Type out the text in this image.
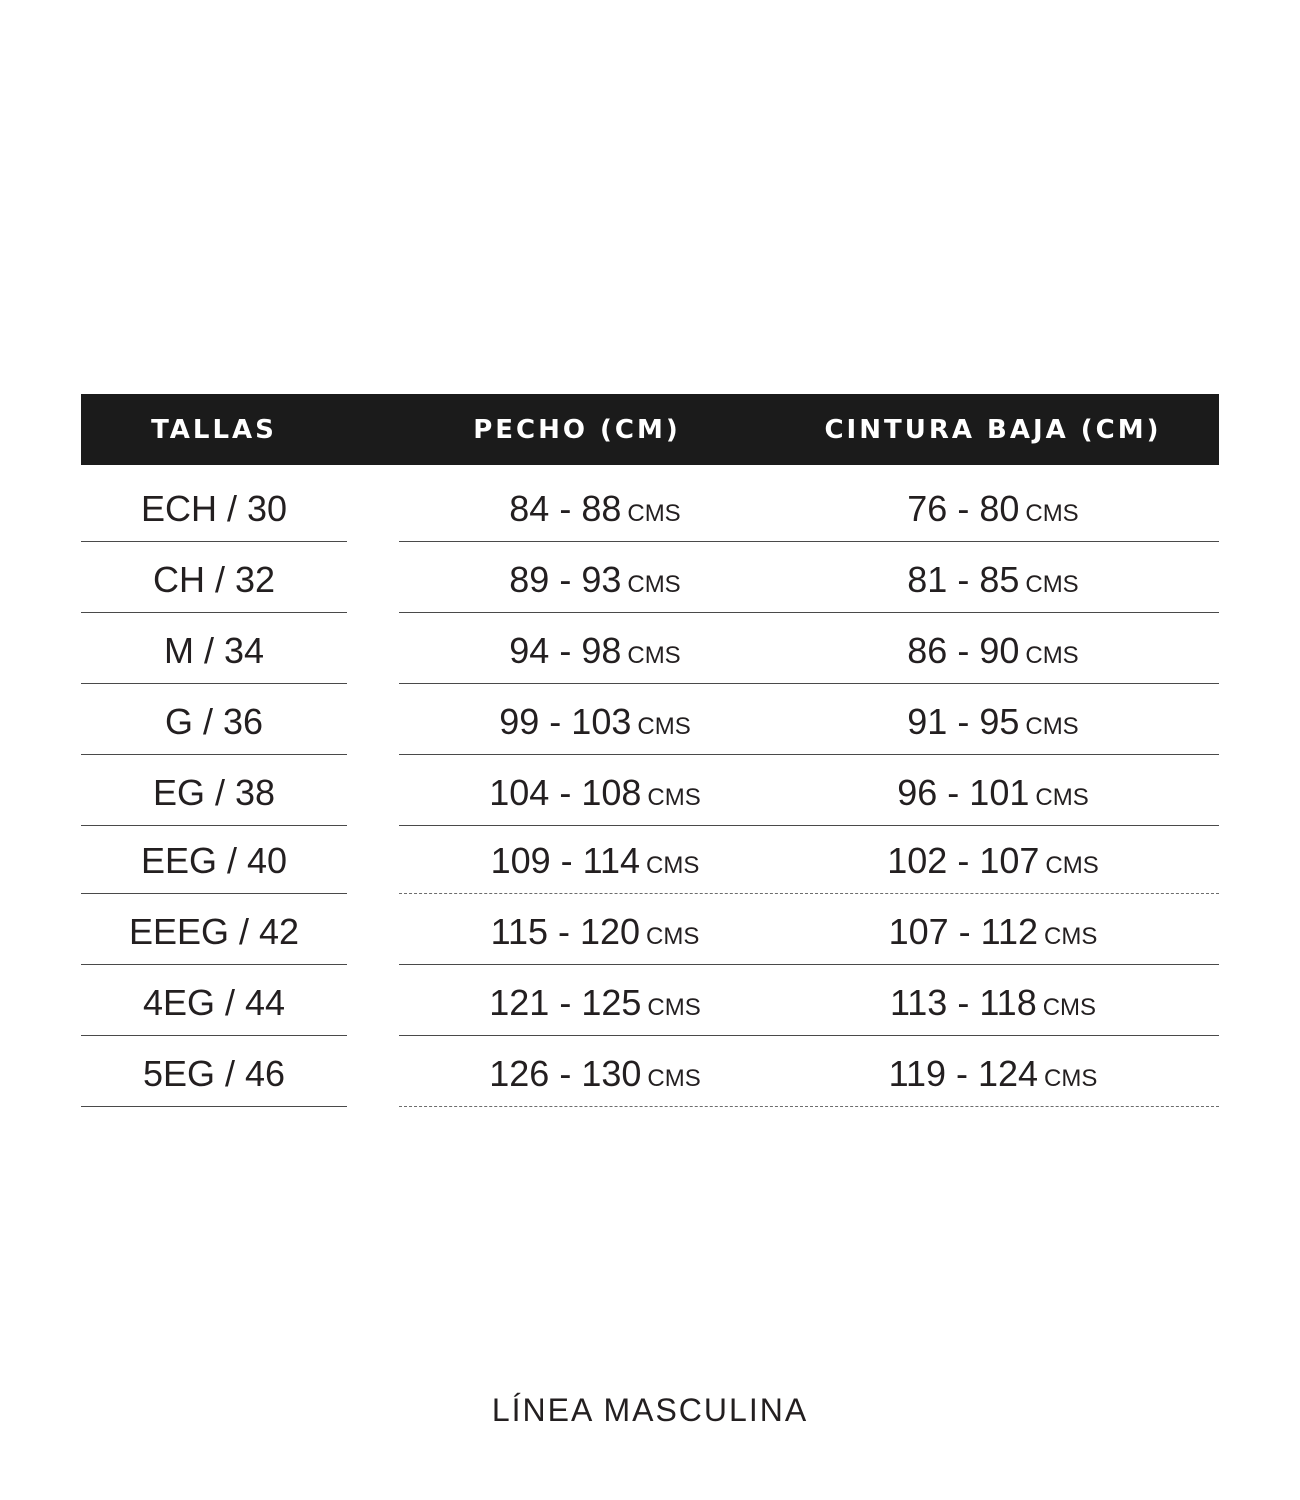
TALLAS	PECHO (CM)	CINTURA BAJA (CM)
ECH / 30	84 - 88 CMS	76 - 80 CMS
CH / 32	89 - 93 CMS	81 - 85 CMS
M / 34	94 - 98 CMS	86 - 90 CMS
G / 36	99 - 103 CMS	91 - 95 CMS
EG / 38	104 - 108 CMS	96 - 101 CMS
EEG / 40	109 - 114 CMS	102 - 107 CMS
EEEG / 42	115 - 120 CMS	107 - 112 CMS
4EG / 44	121 - 125 CMS	113 - 118 CMS
5EG / 46	126 - 130 CMS	119 - 124 CMS
LÍNEA MASCULINA
